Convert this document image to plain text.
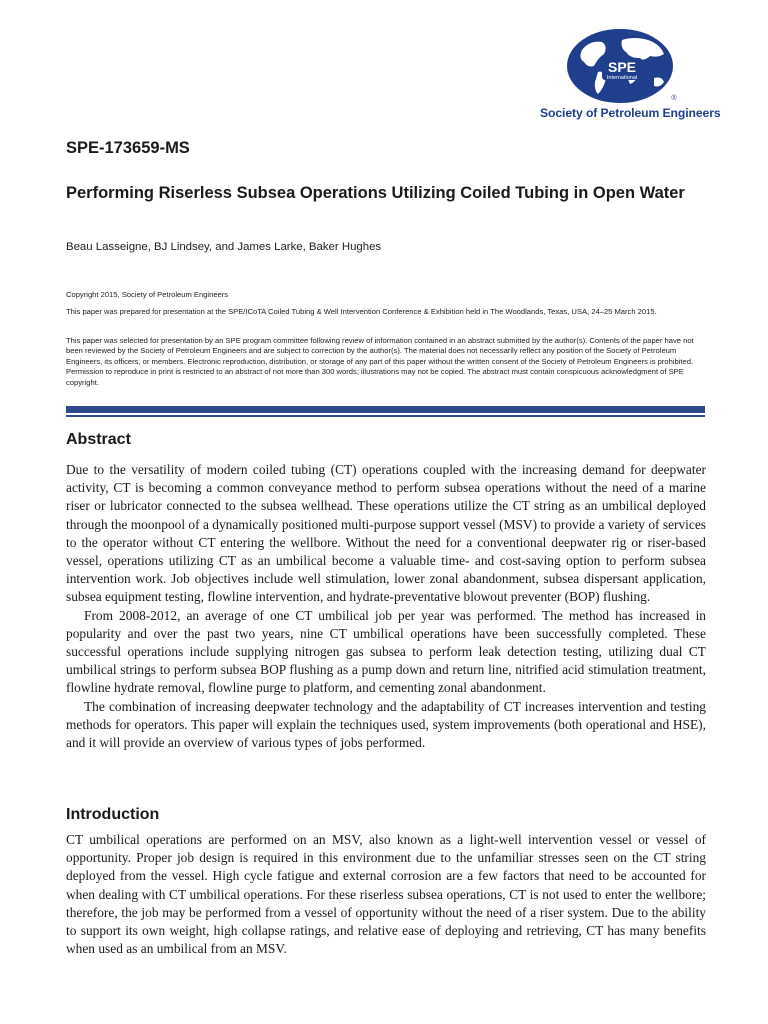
SPE
International
®
Society of Petroleum Engineers
SPE-173659-MS
Performing Riserless Subsea Operations Utilizing Coiled Tubing in Open Water
Beau Lasseigne, BJ Lindsey, and James Larke, Baker Hughes
Copyright 2015, Society of Petroleum Engineers
This paper was prepared for presentation at the SPE/ICoTA Coiled Tubing & Well Intervention Conference & Exhibition held in The Woodlands, Texas, USA, 24–25 March 2015.
This paper was selected for presentation by an SPE program committee following review of information contained in an abstract submitted by the author(s). Contents of the paper have not been reviewed by the Society of Petroleum Engineers and are subject to correction by the author(s). The material does not necessarily reflect any position of the Society of Petroleum Engineers, its officers, or members. Electronic reproduction, distribution, or storage of any part of this paper without the written consent of the Society of Petroleum Engineers is prohibited. Permission to reproduce in print is restricted to an abstract of not more than 300 words; illustrations may not be copied. The abstract must contain conspicuous acknowledgment of SPE copyright.
Abstract

Due to the versatility of modern coiled tubing (CT) operations coupled with the increasing demand for deepwater activity, CT is becoming a common conveyance method to perform subsea operations without the need of a marine riser or lubricator connected to the subsea wellhead. These operations utilize the CT string as an umbilical deployed through the moonpool of a dynamically positioned multi-purpose support vessel (MSV) to provide a variety of services to the operator without CT entering the wellbore. Without the need for a conventional deepwater rig or riser-based vessel, operations utilizing CT as an umbilical become a valuable time- and cost-saving option to perform subsea intervention work. Job objectives include well stimulation, lower zonal abandonment, subsea dispersant application, subsea equipment testing, flowline intervention, and hydrate-preventative blowout preventer (BOP) flushing.

From 2008-2012, an average of one CT umbilical job per year was performed. The method has increased in popularity and over the past two years, nine CT umbilical operations have been successfully completed. These successful operations include supplying nitrogen gas subsea to perform leak detection testing, utilizing dual CT umbilical strings to perform subsea BOP flushing as a pump down and return line, nitrified acid stimulation treatment, flowline hydrate removal, flowline purge to platform, and cementing zonal abandonment.

The combination of increasing deepwater technology and the adaptability of CT increases intervention and testing methods for operators. This paper will explain the techniques used, system improvements (both operational and HSE), and it will provide an overview of various types of jobs performed.

Introduction

CT umbilical operations are performed on an MSV, also known as a light-well intervention vessel or vessel of opportunity. Proper job design is required in this environment due to the unfamiliar stresses seen on the CT string deployed from the vessel. High cycle fatigue and external corrosion are a few factors that need to be accounted for when dealing with CT umbilical operations. For these riserless subsea operations, CT is not used to enter the wellbore; therefore, the job may be performed from a vessel of opportunity without the need of a riser system. Due to the ability to support its own weight, high collapse ratings, and relative ease of deploying and retrieving, CT has many benefits when used as an umbilical from an MSV.
